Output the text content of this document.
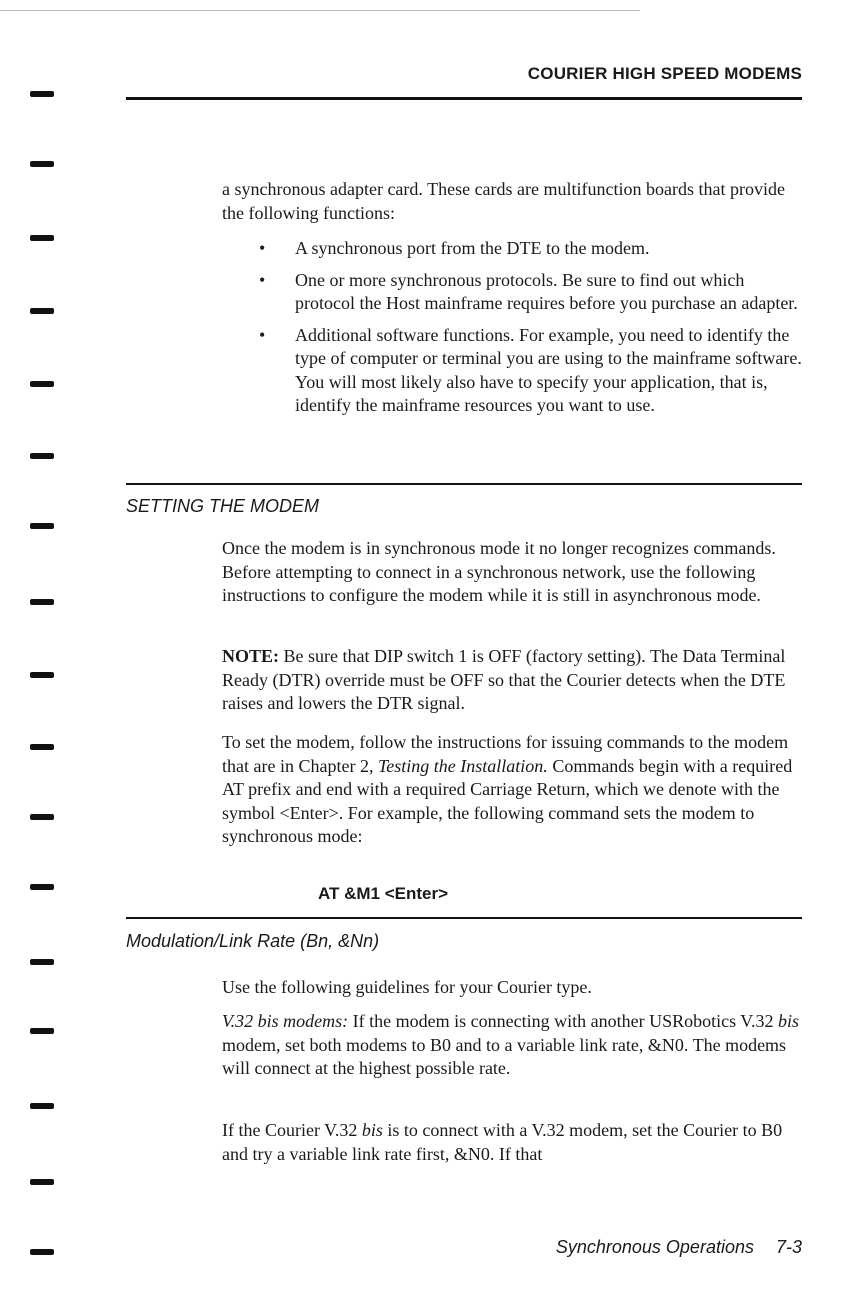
COURIER HIGH SPEED MODEMS

a synchronous adapter card. These cards are multifunction boards that provide the following functions:

• A synchronous port from the DTE to the modem.
• One or more synchronous protocols. Be sure to find out which protocol the Host mainframe requires before you purchase an adapter.
• Additional software functions. For example, you need to identify the type of computer or terminal you are using to the mainframe software. You will most likely also have to specify your application, that is, identify the mainframe resources you want to use.
SETTING THE MODEM

Once the modem is in synchronous mode it no longer recognizes commands. Before attempting to connect in a synchronous network, use the following instructions to configure the modem while it is still in asynchronous mode.

NOTE: Be sure that DIP switch 1 is OFF (factory setting). The Data Terminal Ready (DTR) override must be OFF so that the Courier detects when the DTE raises and lowers the DTR signal.

To set the modem, follow the instructions for issuing commands to the modem that are in Chapter 2, Testing the Installation. Commands begin with a required AT prefix and end with a required Carriage Return, which we denote with the symbol <Enter>. For example, the following command sets the modem to synchronous mode:

AT &M1 <Enter>
Modulation/Link Rate (Bn, &Nn)

Use the following guidelines for your Courier type.

V.32 bis modems: If the modem is connecting with another USRobotics V.32 bis modem, set both modems to B0 and to a variable link rate, &N0. The modems will connect at the highest possible rate.

If the Courier V.32 bis is to connect with a V.32 modem, set the Courier to B0 and try a variable link rate first, &N0. If that

Synchronous Operations 7-3
